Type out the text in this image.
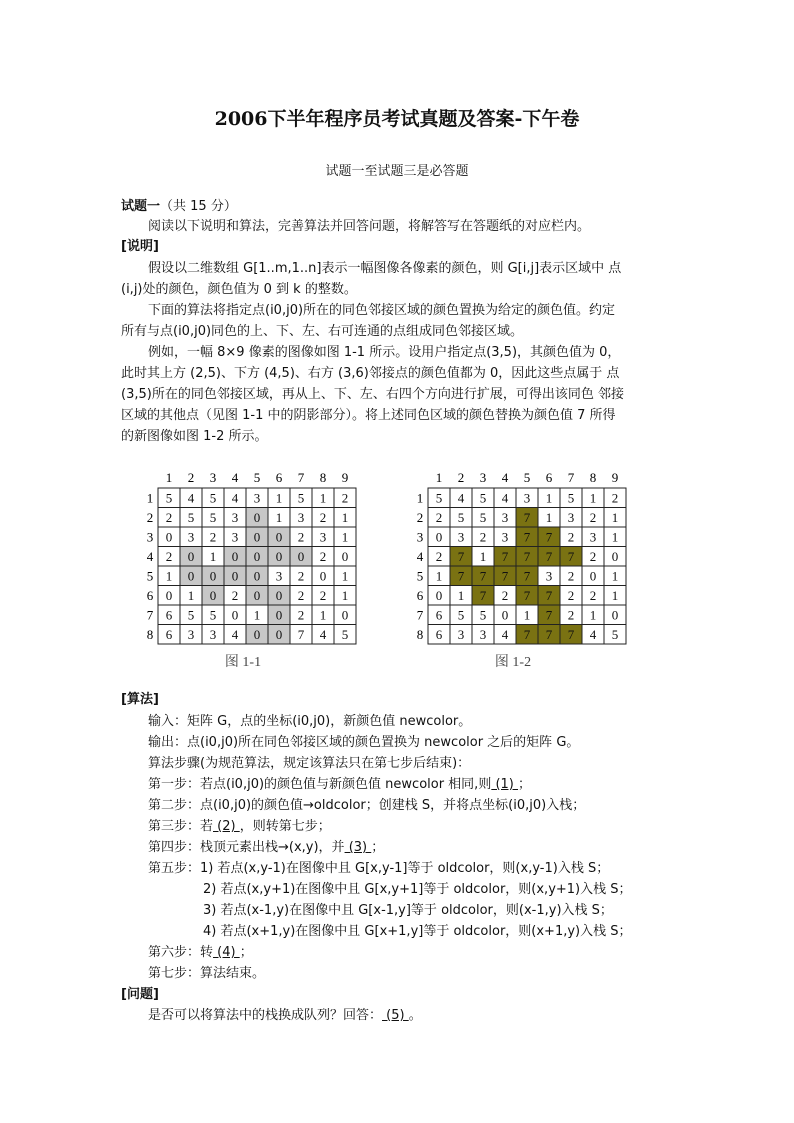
2006下半年程序员考试真题及答案-下午卷
试题一至试题三是必答题
试题一（共 15 分）
阅读以下说明和算法，完善算法并回答问题，将解答写在答题纸的对应栏内。
[说明]
假设以二维数组 G[1..m,1..n]表示一幅图像各像素的颜色，则 G[i,j]表示区域中 点
(i,j)处的颜色，颜色值为 0 到 k 的整数。
下面的算法将指定点(i0,j0)所在的同色邻接区域的颜色置换为给定的颜色值。约定
所有与点(i0,j0)同色的上、下、左、右可连通的点组成同色邻接区域。
例如，一幅 8×9 像素的图像如图 1-1 所示。设用户指定点(3,5)，其颜色值为 0，
此时其上方 (2,5)、下方 (4,5)、右方 (3,6)邻接点的颜色值都为 0，因此这些点属于 点
(3,5)所在的同色邻接区域，再从上、下、左、右四个方向进行扩展，可得出该同色 邻接
区域的其他点（见图 1-1 中的阴影部分）。将上述同色区域的颜色替换为颜色值 7 所得
的新图像如图 1-2 所示。
1 2 3 4 5 6 7 8 9
1
2
3
4
5
6
7
8
5 4 5 4 3 1 5 1 2
2 5 5 3 0 1 3 2 1
0 3 2 3 0 0 2 3 1
2 0 1 0 0 0 0 2 0
1 0 0 0 0 3 2 0 1
0 1 0 2 0 0 2 2 1
6 5 5 0 1 0 2 1 0
6 3 3 4 0 0 7 4 5
图 1-1
1 2 3 4 5 6 7 8 9
1
2
3
4
5
6
7
8
5 4 5 4 3 1 5 1 2
2 5 5 3 7 1 3 2 1
0 3 2 3 7 7 2 3 1
2 7 1 7 7 7 7 2 0
1 7 7 7 7 3 2 0 1
0 1 7 2 7 7 2 2 1
6 5 5 0 1 7 2 1 0
6 3 3 4 7 7 7 4 5
图 1-2
[算法]
输入：矩阵 G，点的坐标(i0,j0)，新颜色值 newcolor。
输出：点(i0,j0)所在同色邻接区域的颜色置换为 newcolor 之后的矩阵 G。
算法步骤(为规范算法，规定该算法只在第七步后结束)：
第一步：若点(i0,j0)的颜色值与新颜色值 newcolor 相同,则 (1) ；
第二步：点(i0,j0)的颜色值→oldcolor；创建栈 S，并将点坐标(i0,j0)入栈；
第三步：若 (2) ，则转第七步；
第四步：栈顶元素出栈→(x,y)，并 (3) ；
第五步：1) 若点(x,y-1)在图像中且 G[x,y-1]等于 oldcolor，则(x,y-1)入栈 S；
2) 若点(x,y+1)在图像中且 G[x,y+1]等于 oldcolor，则(x,y+1)入栈 S；
3) 若点(x-1,y)在图像中且 G[x-1,y]等于 oldcolor，则(x-1,y)入栈 S；
4) 若点(x+1,y)在图像中且 G[x+1,y]等于 oldcolor，则(x+1,y)入栈 S；
第六步：转 (4) ；
第七步：算法结束。
[问题]
是否可以将算法中的栈换成队列？回答： (5) 。
